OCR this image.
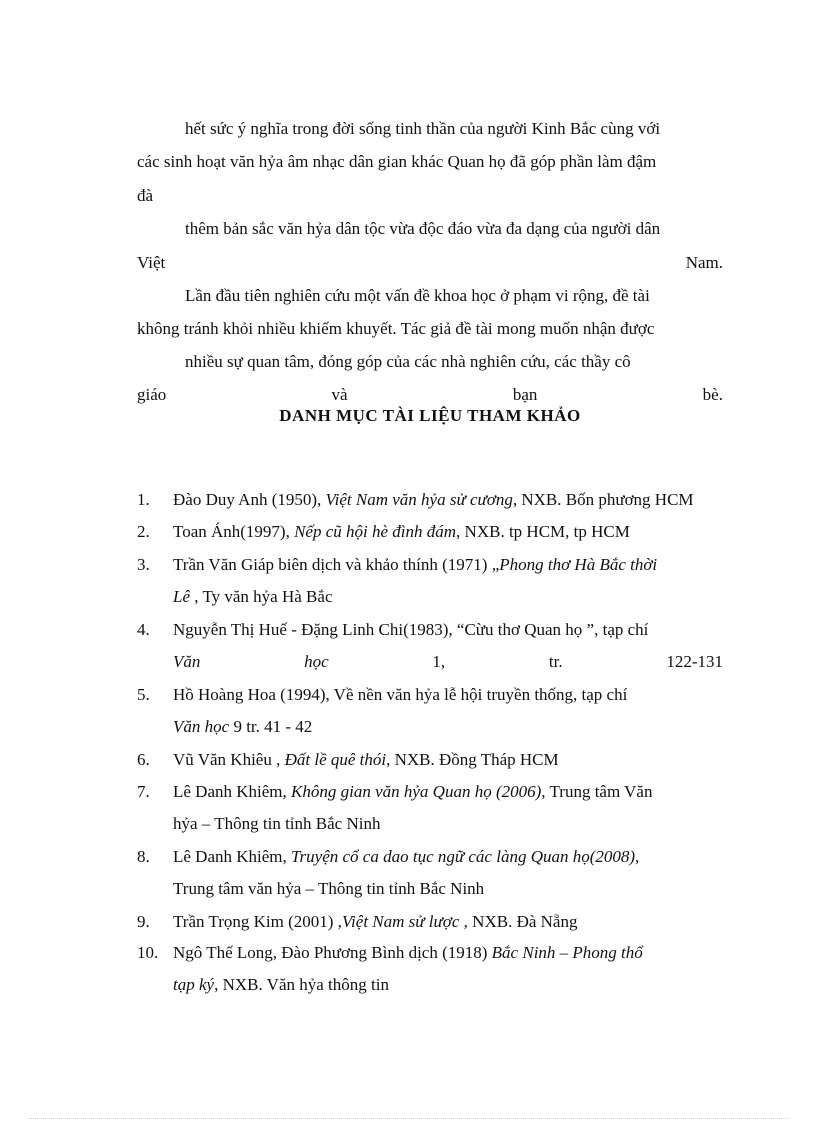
hết sức ý nghĩa trong đời sống tinh thần của người Kinh Bắc cùng với
các sinh hoạt văn hỷa âm nhạc dân gian khác Quan họ đã góp phần làm đậm
đà
thêm bản sắc văn hỷa dân tộc vừa độc đáo vừa đa dạng của người dân
Việt	Nam.
Lần đầu tiên nghiên cứu một vấn đề khoa học ở phạm vi rộng, đề tài
không tránh khỏi nhiều khiếm khuyết. Tác giả đề tài mong muốn nhận được
nhiều sự quan tâm, đóng góp của các nhà nghiên cứu, các thầy cô
giáo	và	bạn	bè.
DANH MỤC TÀI LIỆU THAM KHẢO
1.	Đào Duy Anh (1950), Việt Nam văn hỷa sử cương, NXB. Bốn phương HCM
2.	Toan Ánh(1997), Nếp cũ hội hè đình đám, NXB. tp HCM, tp HCM
3.	Trần Văn Giáp biên dịch và khảo thính (1971) „Phong thơ Hà Bắc thời
Lê , Ty văn hỷa Hà Bắc
4.	Nguyễn Thị Huế - Đặng Linh Chi(1983), “Cừu thơ Quan họ ”, tạp chí
Văn	học	1,	tr.	122-131
5.	Hồ Hoàng Hoa (1994), Về nền văn hỷa lễ hội truyền thống, tạp chí
Văn học 9 tr. 41 - 42
6.	Vũ Văn Khiêu , Đất lề quê thói, NXB. Đồng Tháp HCM
7.	Lê Danh Khiêm, Không gian văn hỷa Quan họ (2006), Trung tâm Văn
hỷa – Thông tin tỉnh Bắc Ninh
8.	Lê Danh Khiêm, Truyện cổ ca dao tục ngữ các làng Quan họ(2008),
Trung tâm văn hỷa – Thông tin tỉnh Bắc Ninh
9.	Trần Trọng Kim (2001) ,Việt Nam sử lược , NXB. Đà Nẵng
10. Ngô Thế Long, Đào Phương Bình dịch (1918) Bắc Ninh – Phong thổ
tạp ký, NXB. Văn hỷa thông tin
